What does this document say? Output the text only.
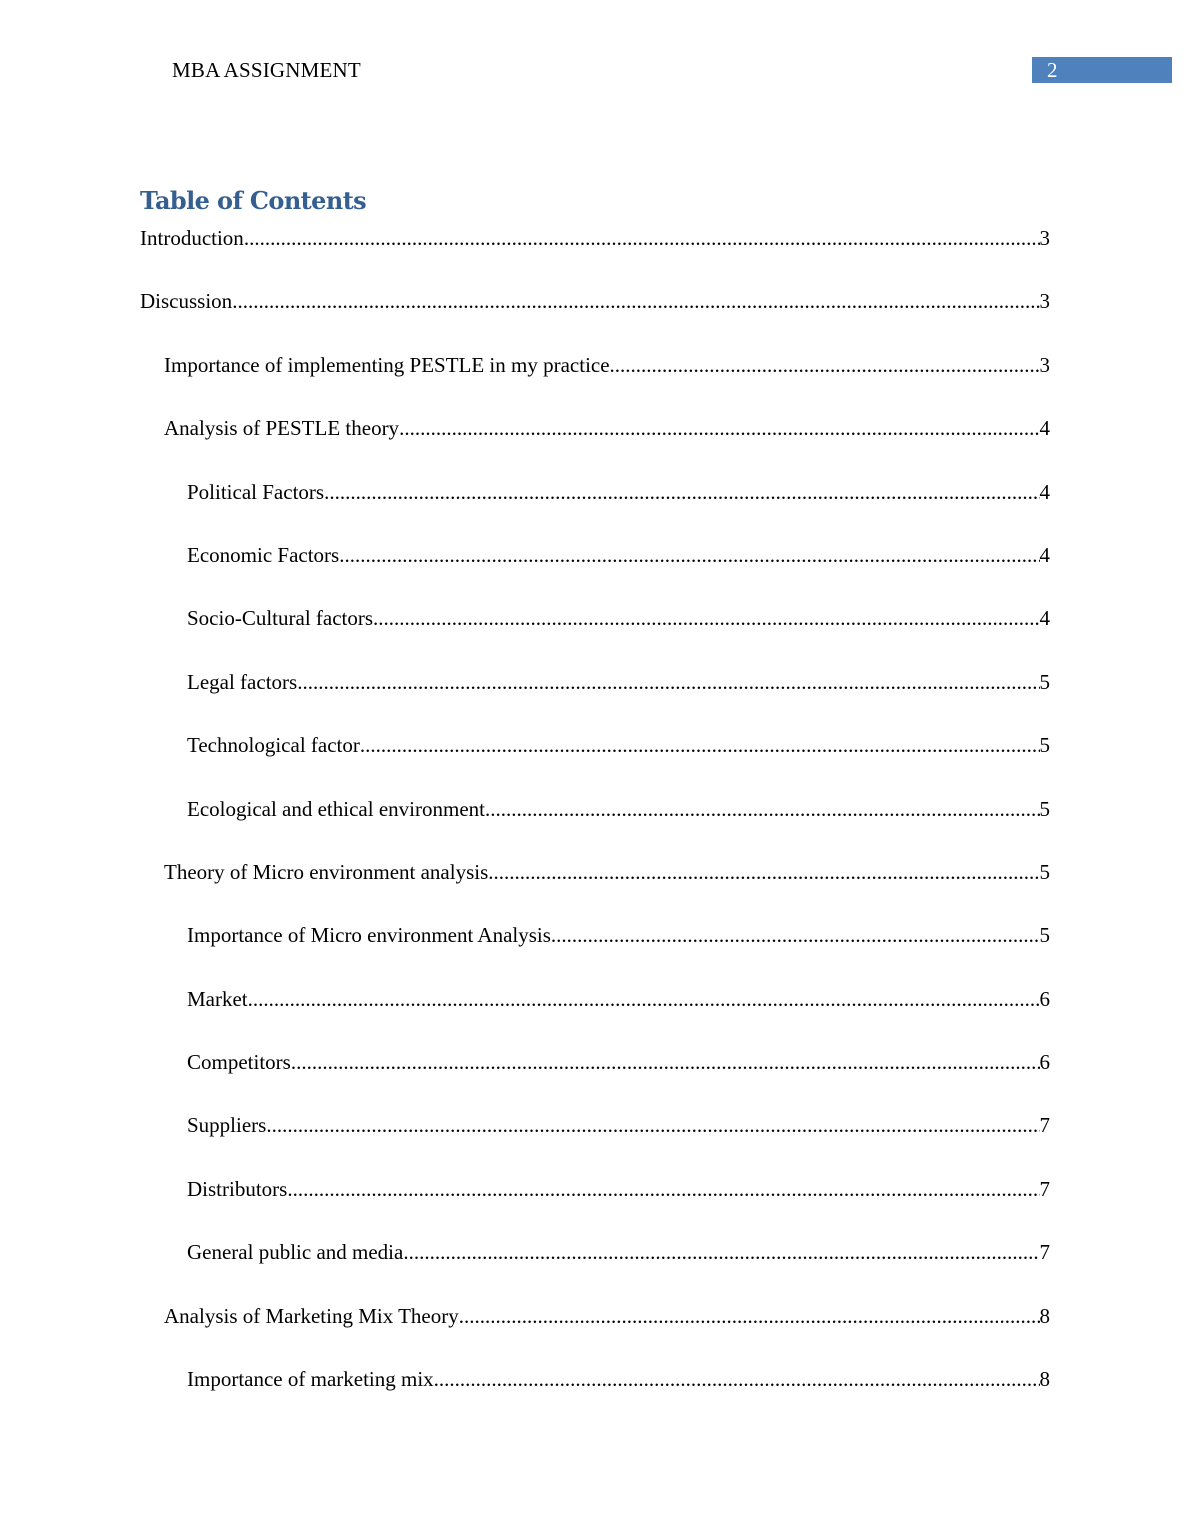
MBA ASSIGNMENT	2
Table of Contents
Introduction .....	3
Discussion .....	3
Importance of implementing PESTLE in my practice .....	3
Analysis of PESTLE theory .....	4
Political Factors .....	4
Economic Factors .....	4
Socio-Cultural factors .....	4
Legal factors .....	5
Technological factor .....	5
Ecological and ethical environment .....	5
Theory of Micro environment analysis .....	5
Importance of Micro environment Analysis .....	5
Market .....	6
Competitors .....	6
Suppliers .....	7
Distributors .....	7
General public and media .....	7
Analysis of Marketing Mix Theory .....	8
Importance of marketing mix .....	8
